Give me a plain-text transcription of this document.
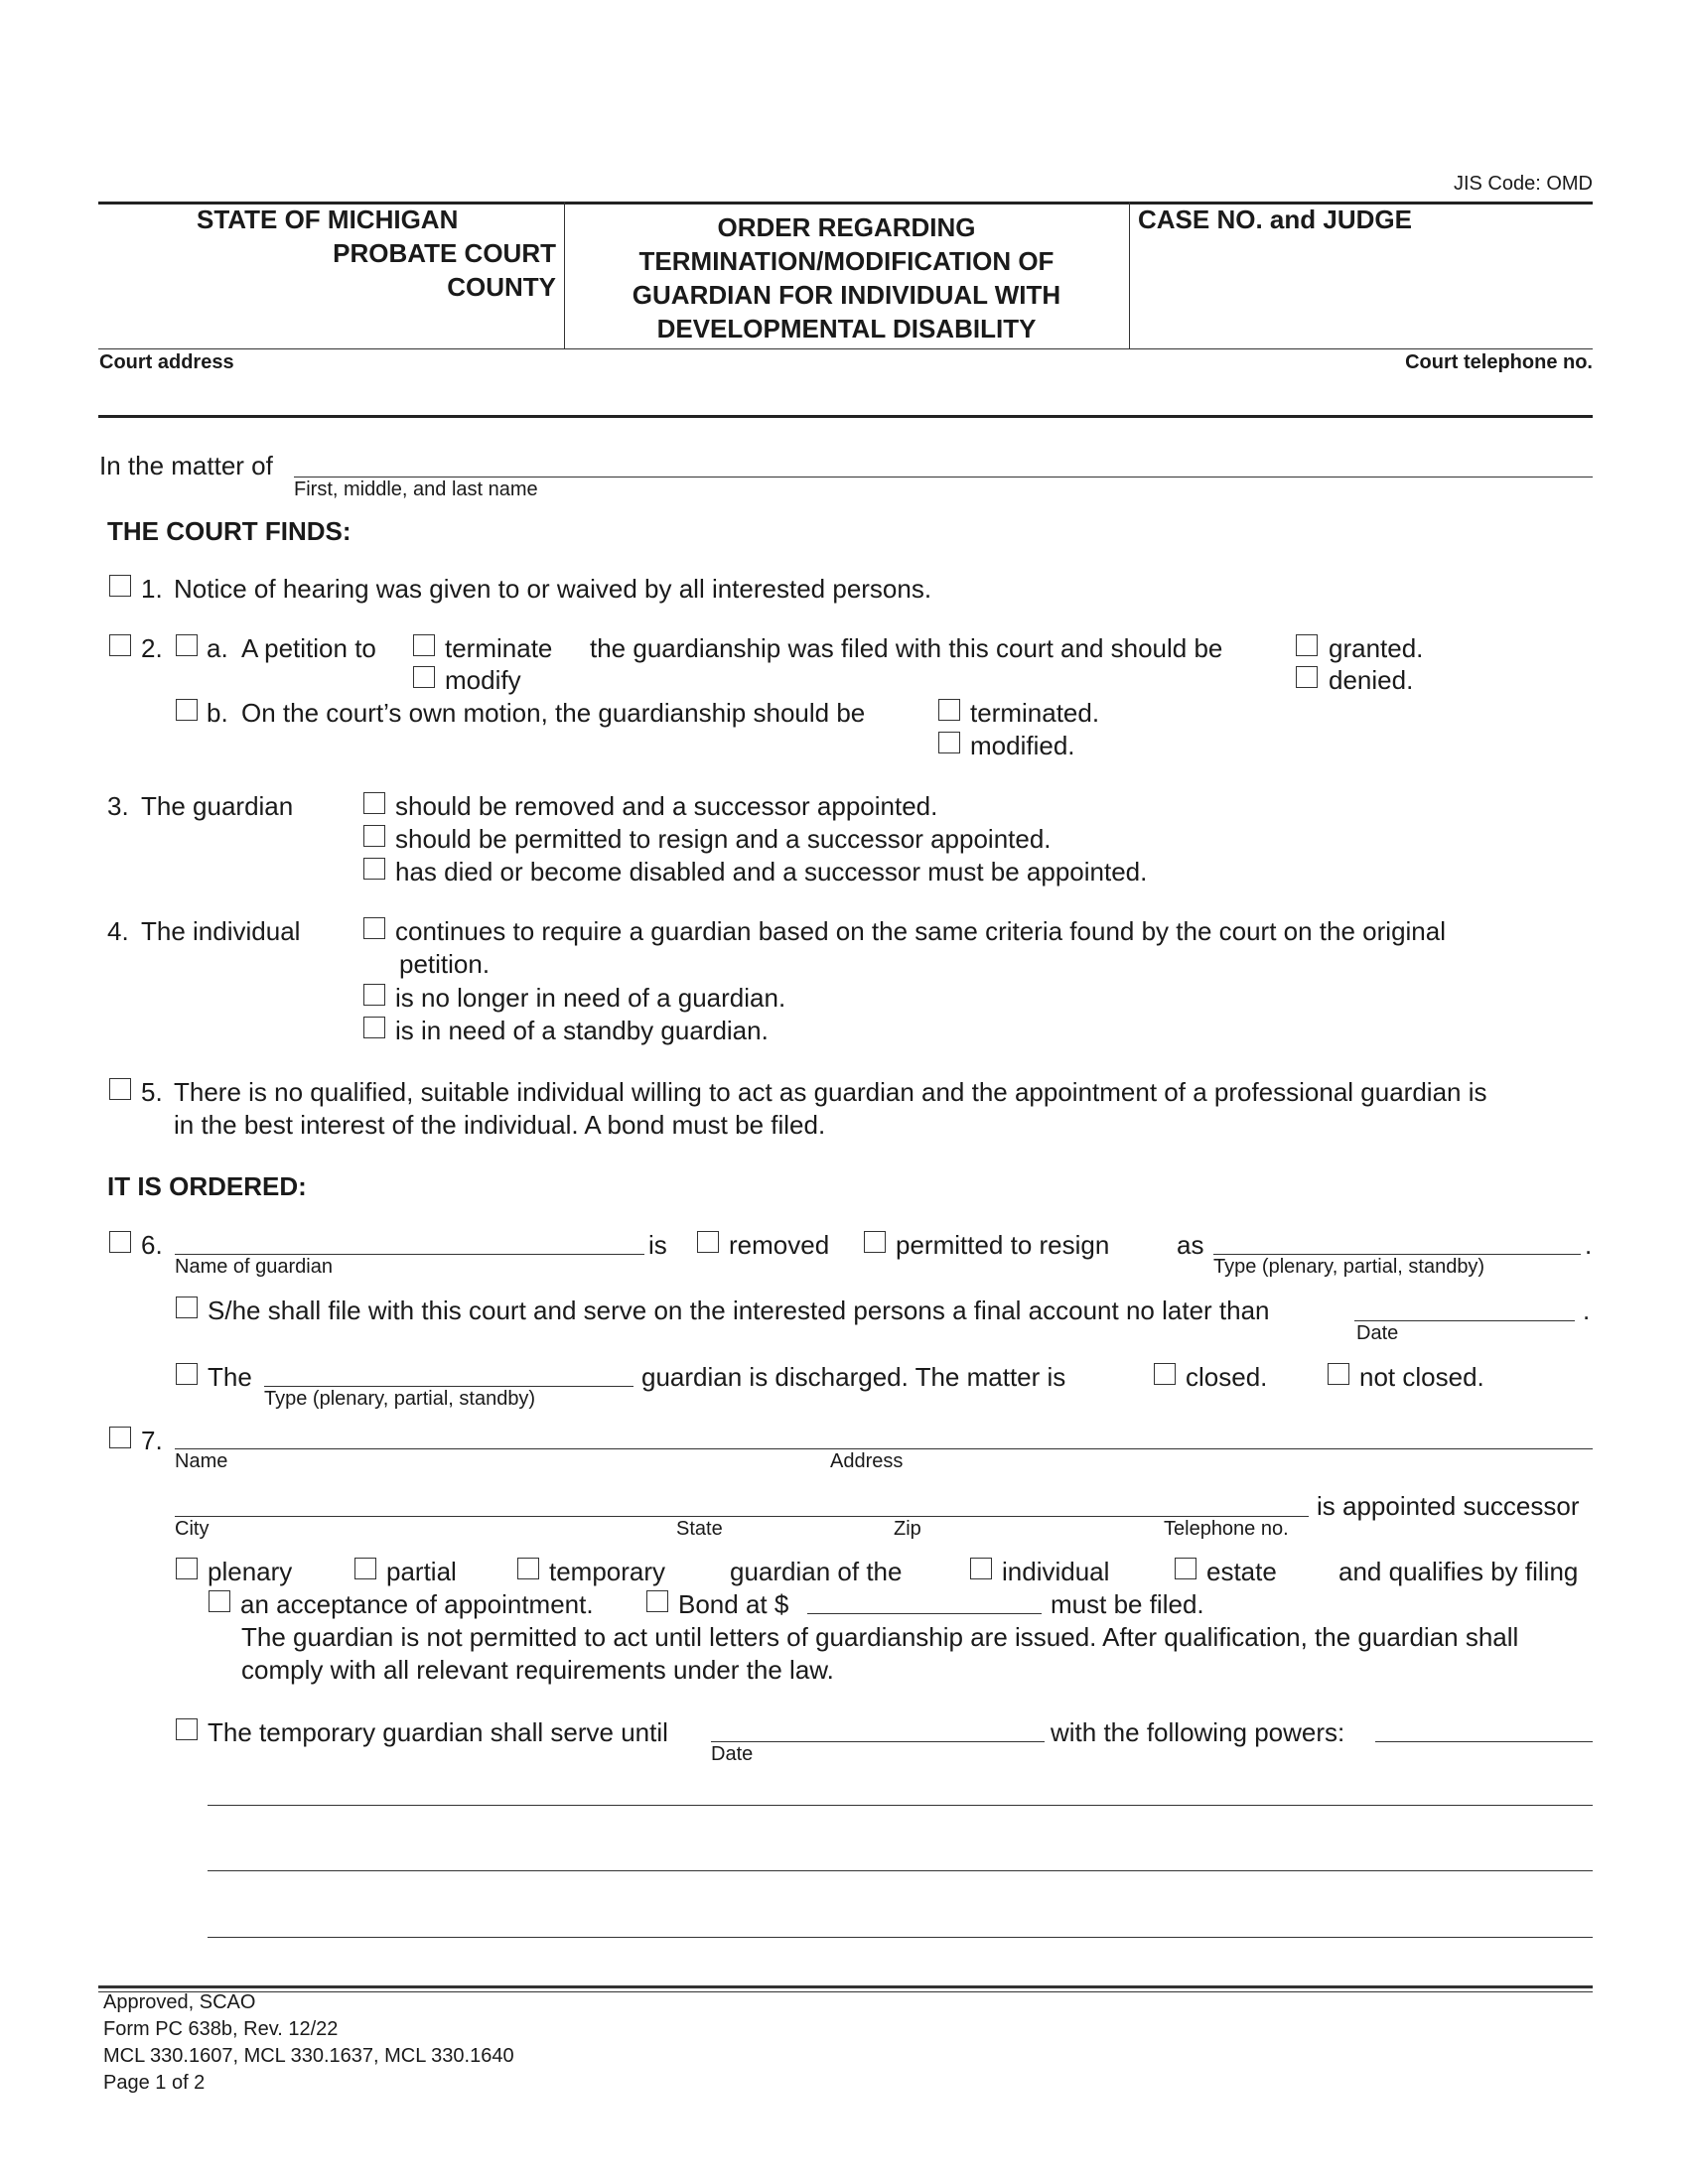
JIS Code: OMD
STATE OF MICHIGAN
PROBATE COURT
COUNTY
ORDER REGARDING
TERMINATION/MODIFICATION OF
GUARDIAN FOR INDIVIDUAL WITH
DEVELOPMENTAL DISABILITY
CASE NO. and JUDGE
Court address	Court telephone no.
In the matter of
First, middle, and last name
THE COURT FINDS:
1. Notice of hearing was given to or waived by all interested persons.
2. a. A petition to	terminate
modify
the guardianship was filed with this court and should be	granted.
denied.
b. On the court’s own motion, the guardianship should be	terminated.
modified.
3. The guardian	should be removed and a successor appointed.
should be permitted to resign and a successor appointed.
has died or become disabled and a successor must be appointed.
4. The individual	continues to require a guardian based on the same criteria found by the court on the original
petition.
is no longer in need of a guardian.
is in need of a standby guardian.
5. There is no qualified, suitable individual willing to act as guardian and the appointment of a professional guardian is
in the best interest of the individual. A bond must be filed.
IT IS ORDERED:
6.
Name of guardian
is removed	permitted to resign	as	.
Type (plenary, partial, standby)
S/he shall file with this court and serve on the interested persons a final account no later than	.
Date
The
Type (plenary, partial, standby)
guardian is discharged. The matter is	closed.	not closed.
7.
Name	Address
is appointed successor
City	State	Zip	Telephone no.
plenary	partial	temporary guardian of the	individual	estate and qualifies by filing
an acceptance of appointment.	Bond at $	must be filed.
The guardian is not permitted to act until letters of guardianship are issued. After qualification, the guardian shall
comply with all relevant requirements under the law.
The temporary guardian shall serve until
Date
with the following powers:
Approved, SCAO
Form PC 638b, Rev. 12/22
MCL 330.1607, MCL 330.1637, MCL 330.1640
Page 1 of 2
